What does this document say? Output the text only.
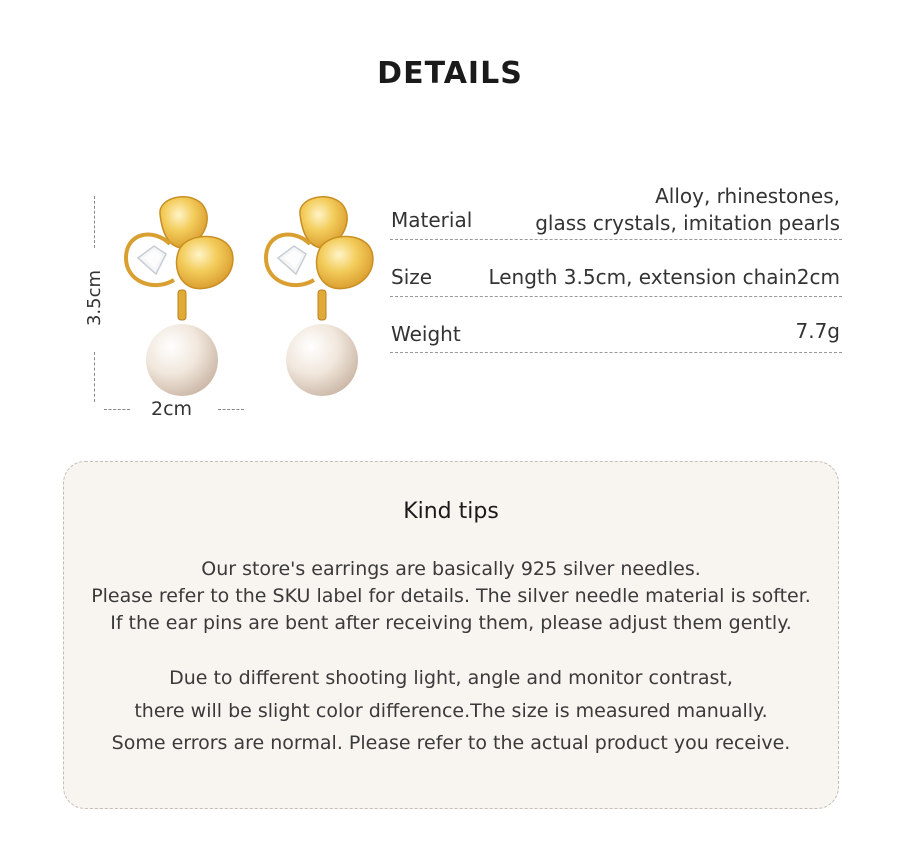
DETAILS
3.5cm
2cm
Material
Alloy, rhinestones,
glass crystals, imitation pearls
Size	Length 3.5cm, extension chain2cm
Weight	7.7g
Kind tips
Our store's earrings are basically 925 silver needles.
Please refer to the SKU label for details. The silver needle material is softer.
If the ear pins are bent after receiving them, please adjust them gently.
Due to different shooting light, angle and monitor contrast,
there will be slight color difference.The size is measured manually.
Some errors are normal. Please refer to the actual product you receive.
